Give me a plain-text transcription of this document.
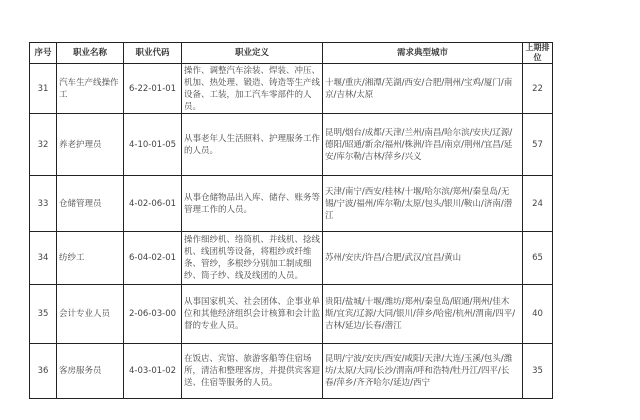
序号	职业名称	职业代码	职业定义	需求典型城市	上期排位
31	汽车生产线操作工	6-22-01-01	操作、调整汽车涂装、焊装、冲压、机加、热处理、锻造、铸造等生产线设备、工装，加工汽车零部件的人员。	十堰/重庆/湘潭/芜湖/西安/合肥/荆州/宝鸡/厦门/南京/吉林/太原	22
32	养老护理员	4-10-01-05	从事老年人生活照料、护理服务工作的人员。	昆明/烟台/成都/天津/兰州/南昌/哈尔滨/安庆/辽源/德阳/昭通/新余/福州/株洲/许昌/南京/荆州/宜昌/延安/库尔勒/吉林/萍乡/兴义	57
33	仓储管理员	4-02-06-01	从事仓储物品出入库、储存、账务等管理工作的人员。	天津/南宁/西安/桂林/十堰/哈尔滨/郑州/秦皇岛/无锡/宁波/福州/库尔勒/太原/包头/银川/鞍山/济南/潜江	24
34	纺纱工	6-04-02-01	操作细纱机、络筒机、并线机、捻线机、线团机等设备，将粗纱或纤维条、管纱，多根纱分别加工制成细纱、筒子纱、线及线团的人员。	苏州/安庆/许昌/合肥/武汉/宜昌/黄山	65
35	会计专业人员	2-06-03-00	从事国家机关、社会团体、企事业单位和其他经济组织会计核算和会计监督的专业人员。	贵阳/盐城/十堰/潍坊/郑州/秦皇岛/昭通/荆州/佳木斯/宜宾/辽源/大同/银川/萍乡/哈密/杭州/渭南/四平/吉林/延边/长春/潜江	40
36	客房服务员	4-03-01-02	在饭店、宾馆、旅游客船等住宿场所，清洁和整理客房，并提供宾客迎送、住宿等服务的人员。	昆明/宁波/安庆/西安/咸阳/天津/大连/玉溪/包头/潍坊/太原/大同/长沙/渭南/呼和浩特/牡丹江/四平/长春/萍乡/齐齐哈尔/延边/西宁	35
